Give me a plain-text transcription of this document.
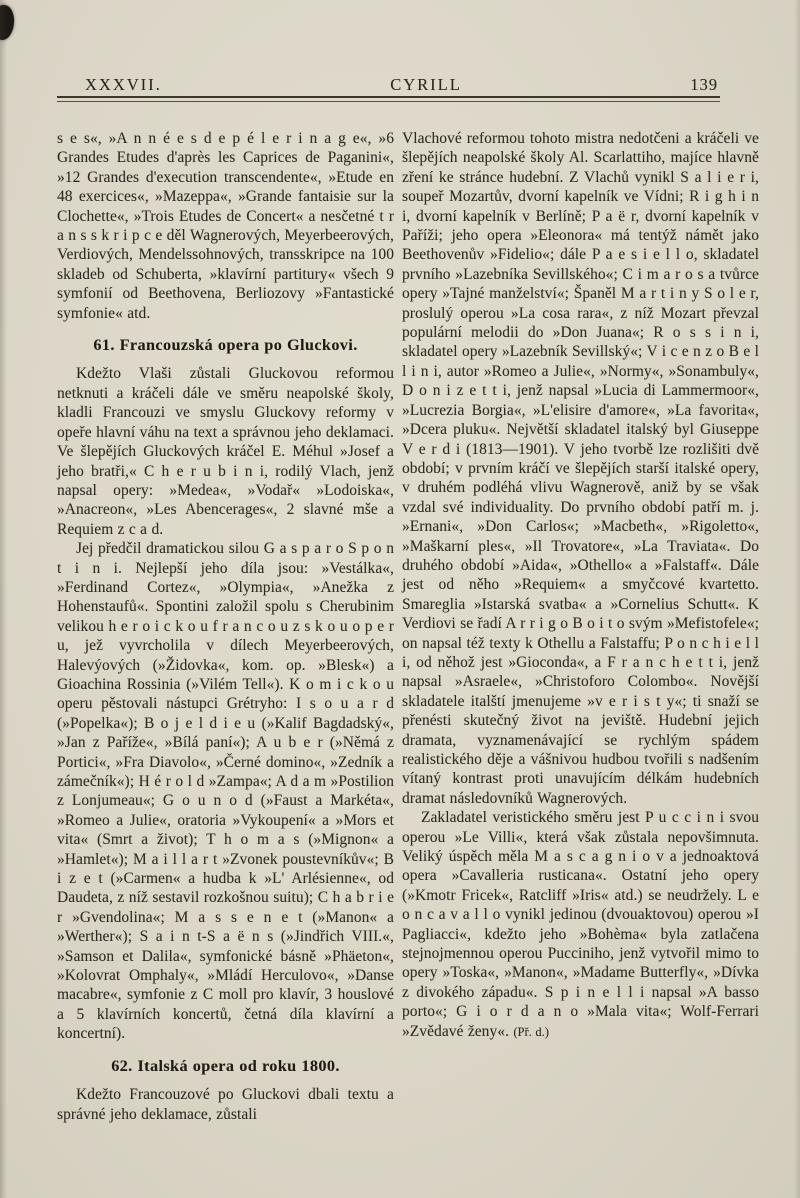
XXXVII.	CYRILL	139

s e s«, »A n n é e s d e p é l e r i n a g e«, »6 Grandes Etudes d'après les Caprices de Paganini«, »12 Grandes d'execution transcendente«, »Etude en 48 exercices«, »Mazeppa«, »Grande fantaisie sur la Clochette«, »Trois Etudes de Concert« a nesčetné t r a n s s k r i p c e děl Wagnerových, Meyerbeerových, Verdiových, Mendelssohnových, transskripce na 100 skladeb od Schuberta, »klavírní partitury« všech 9 symfonií od Beethovena, Berliozovy »Fantastické symfonie« atd.

61. Francouzská opera po Gluckovi.

Kdežto Vlaši zůstali Gluckovou reformou netknuti a kráčeli dále ve směru neapolské školy, kladli Francouzi ve smyslu Gluckovy reformy v opeře hlavní váhu na text a správnou jeho deklamaci. Ve šlepějích Gluckových kráčel E. Méhul »Josef a jeho bratři,« C h e r u b i n i, rodilý Vlach, jenž napsal opery: »Medea«, »Vodař« »Lodoiska«, »Anacreon«, »Les Abencerages«, 2 slavné mše a Requiem z c a d.

Jej předčil dramatickou silou G a s p a r o S p o n t i n i. Nejlepší jeho díla jsou: »Vestálka«, »Ferdinand Cortez«, »Olympia«, »Anežka z Hohenstaufů«. Spontini založil spolu s Cherubinim velikou h e r o i c k o u f r a n c o u z s k o u o p e r u, jež vyvrcholila v dílech Meyerbeerových, Halevýových (»Židovka«, kom. op. »Blesk«) a Gioachina Rossinia (»Vilém Tell«). K o m i c k o u operu pěstovali nástupci Grétryho: I s o u a r d (»Popelka«); B o j e l d i e u (»Kalif Bagdadský«, »Jan z Paříže«, »Bílá paní«); A u b e r (»Němá z Portici«, »Fra Diavolo«, »Černé domino«, »Zedník a zámečník«); H é r o l d »Zampa«; A d a m »Postilion z Lonjumeau«; G o u n o d (»Faust a Markéta«, »Romeo a Julie«, oratoria »Vykoupení« a »Mors et vita« (Smrt a život); T h o m a s (»Mignon« a »Hamlet«); M a i l l a r t »Zvonek poustevníkův«; B i z e t (»Carmen« a hudba k »L' Arlésienne«, od Daudeta, z níž sestavil rozkošnou suitu); C h a b r i e r »Gvendolina«; M a s s e n e t (»Manon« a »Werther«); S a i n t-S a ë n s (»Jindřich VIII.«, »Samson et Dalila«, symfonické básně »Phäeton«, »Kolovrat Omphaly«, »Mládí Herculovo«, »Danse macabre«, symfonie z C moll pro klavír, 3 houslové a 5 klavírních koncertů, četná díla klavírní a koncertní).

62. Italská opera od roku 1800.

Kdežto Francouzové po Gluckovi dbali textu a správné jeho deklamace, zůstali

Vlachové reformou tohoto mistra nedotčeni a kráčeli ve šlepějích neapolské školy Al. Scarlattiho, majíce hlavně zření ke stránce hudební. Z Vlachů vynikl S a l i e r i, soupeř Mozartův, dvorní kapelník ve Vídni; R i g h i n i, dvorní kapelník v Berlíně; P a ë r, dvorní kapelník v Paříži; jeho opera »Eleonora« má tentýž námět jako Beethovenův »Fidelio«; dále P a e s i e l l o, skladatel prvního »Lazebníka Sevillského«; C i m a r o s a tvůrce opery »Tajné manželství«; Španěl M a r t i n y S o l e r, proslulý operou »La cosa rara«, z níž Mozart převzal populární melodii do »Don Juana«; R o s s i n i, skladatel opery »Lazebník Sevillský«; V i c e n z o B e l l i n i, autor »Romeo a Julie«, »Normy«, »Sonambuly«, D o n i z e t t i, jenž napsal »Lucia di Lammermoor«, »Lucrezia Borgia«, »L'elisire d'amore«, »La favorita«, »Dcera pluku«. Největší skladatel italský byl Giuseppe V e r d i (1813—1901). V jeho tvorbě lze rozlišiti dvě období; v prvním kráčí ve šlepějích starší italské opery, v druhém podléhá vlivu Wagnerově, aniž by se však vzdal své individuality. Do prvního období patří m. j. »Ernani«, »Don Carlos«; »Macbeth«, »Rigoletto«, »Maškarní ples«, »Il Trovatore«, »La Traviata«. Do druhého období »Aida«, »Othello« a »Falstaff«. Dále jest od něho »Requiem« a smyčcové kvartetto. Smareglia »Istarská svatba« a »Cornelius Schutt«. K Verdiovi se řadí A r r i g o B o i t o svým »Mefistofele«; on napsal též texty k Othellu a Falstaffu; P o n c h i e l l i, od něhož jest »Gioconda«, a F r a n c h e t t i, jenž napsal »Asraele«, »Christoforo Colombo«. Novější skladatele italští jmenujeme »v e r i s t y«; ti snaží se přenésti skutečný život na jeviště. Hudební jejich dramata, vyznamenávající se rychlým spádem realistického děje a vášnivou hudbou tvořili s nadšením vítaný kontrast proti unavujícím délkám hudebních dramat následovníků Wagnerových.

Zakladatel veristického směru jest P u c c i n i svou operou »Le Villi«, která však zůstala nepovšimnuta. Veliký úspěch měla M a s c a g n i o v a jednoaktová opera »Cavalleria rusticana«. Ostatní jeho opery (»Kmotr Fricek«, Ratcliff »Iris« atd.) se neudržely. L e o n c a v a l l o vynikl jedinou (dvouaktovou) operou »I Pagliacci«, kdežto jeho »Bohèma« byla zatlačena stejnojmennou operou Pucciniho, jenž vytvořil mimo to opery »Toska«, »Manon«, »Madame Butterfly«, »Dívka z divokého západu«. S p i n e l l i napsal »A basso porto«; G i o r d a n o »Mala vita«; Wolf-Ferrari »Zvědavé ženy«. (Př. d.)
